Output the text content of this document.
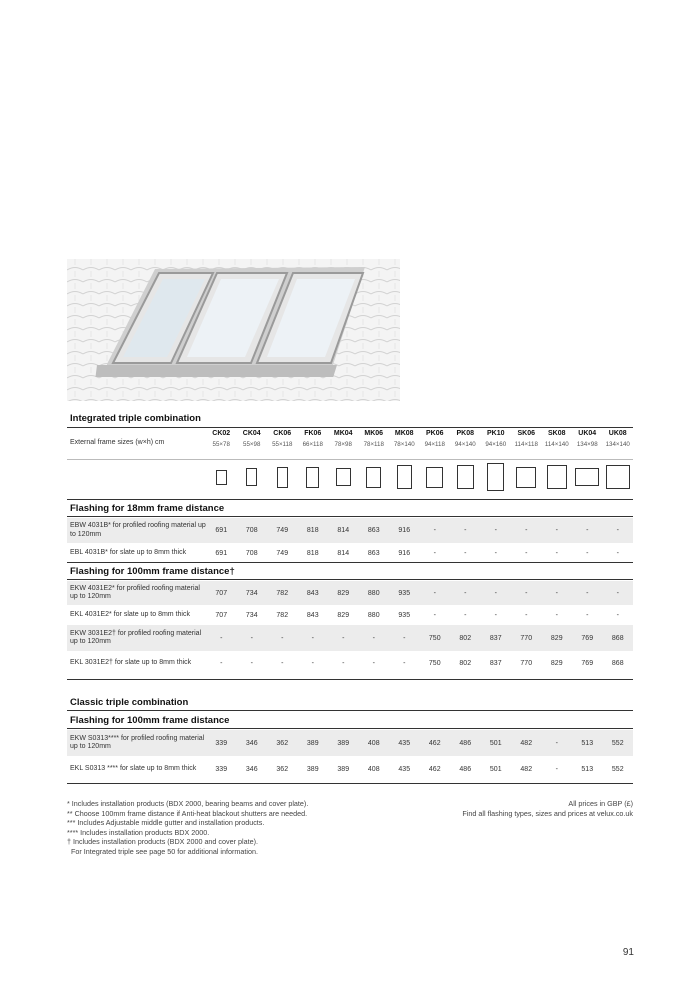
Integrated triple combination
External frame sizes (w×h) cm	CK02	CK04	CK06	FK06	MK04	MK06	MK08	PK06	PK08	PK10	SK06	SK08	UK04	UK08
	55×78	55×98	55×118	66×118	78×98	78×118	78×140	94×118	94×140	94×160	114×118	114×140	134×98	134×140

Flashing for 18mm frame distance
EBW 4031B* for profiled roofing material up to 120mm	691	708	749	818	814	863	916	-	-	-	-	-	-	-
EBL 4031B* for slate up to 8mm thick	691	708	749	818	814	863	916	-	-	-	-	-	-	-
Flashing for 100mm frame distance†
EKW 4031E2* for profiled roofing material up to 120mm	707	734	782	843	829	880	935	-	-	-	-	-	-	-
EKL 4031E2* for slate up to 8mm thick	707	734	782	843	829	880	935	-	-	-	-	-	-	-
EKW 3031E2† for profiled roofing material up to 120mm	-	-	-	-	-	-	-	750	802	837	770	829	769	868
EKL 3031E2† for slate up to 8mm thick	-	-	-	-	-	-	-	750	802	837	770	829	769	868
Classic triple combination
Flashing for 100mm frame distance
EKW S0313**** for profiled roofing material up to 120mm	339	346	362	389	389	408	435	462	486	501	482	-	513	552
EKL S0313 **** for slate up to 8mm thick	339	346	362	389	389	408	435	462	486	501	482	-	513	552
* Includes installation products (BDX 2000, bearing beams and cover plate).
** Choose 100mm frame distance if Anti-heat blackout shutters are needed.
*** Includes Adjustable middle gutter and installation products.
**** Includes installation products BDX 2000.
† Includes installation products (BDX 2000 and cover plate).
For Integrated triple see page 50 for additional information.
All prices in GBP (£)
Find all flashing types, sizes and prices at velux.co.uk
91
